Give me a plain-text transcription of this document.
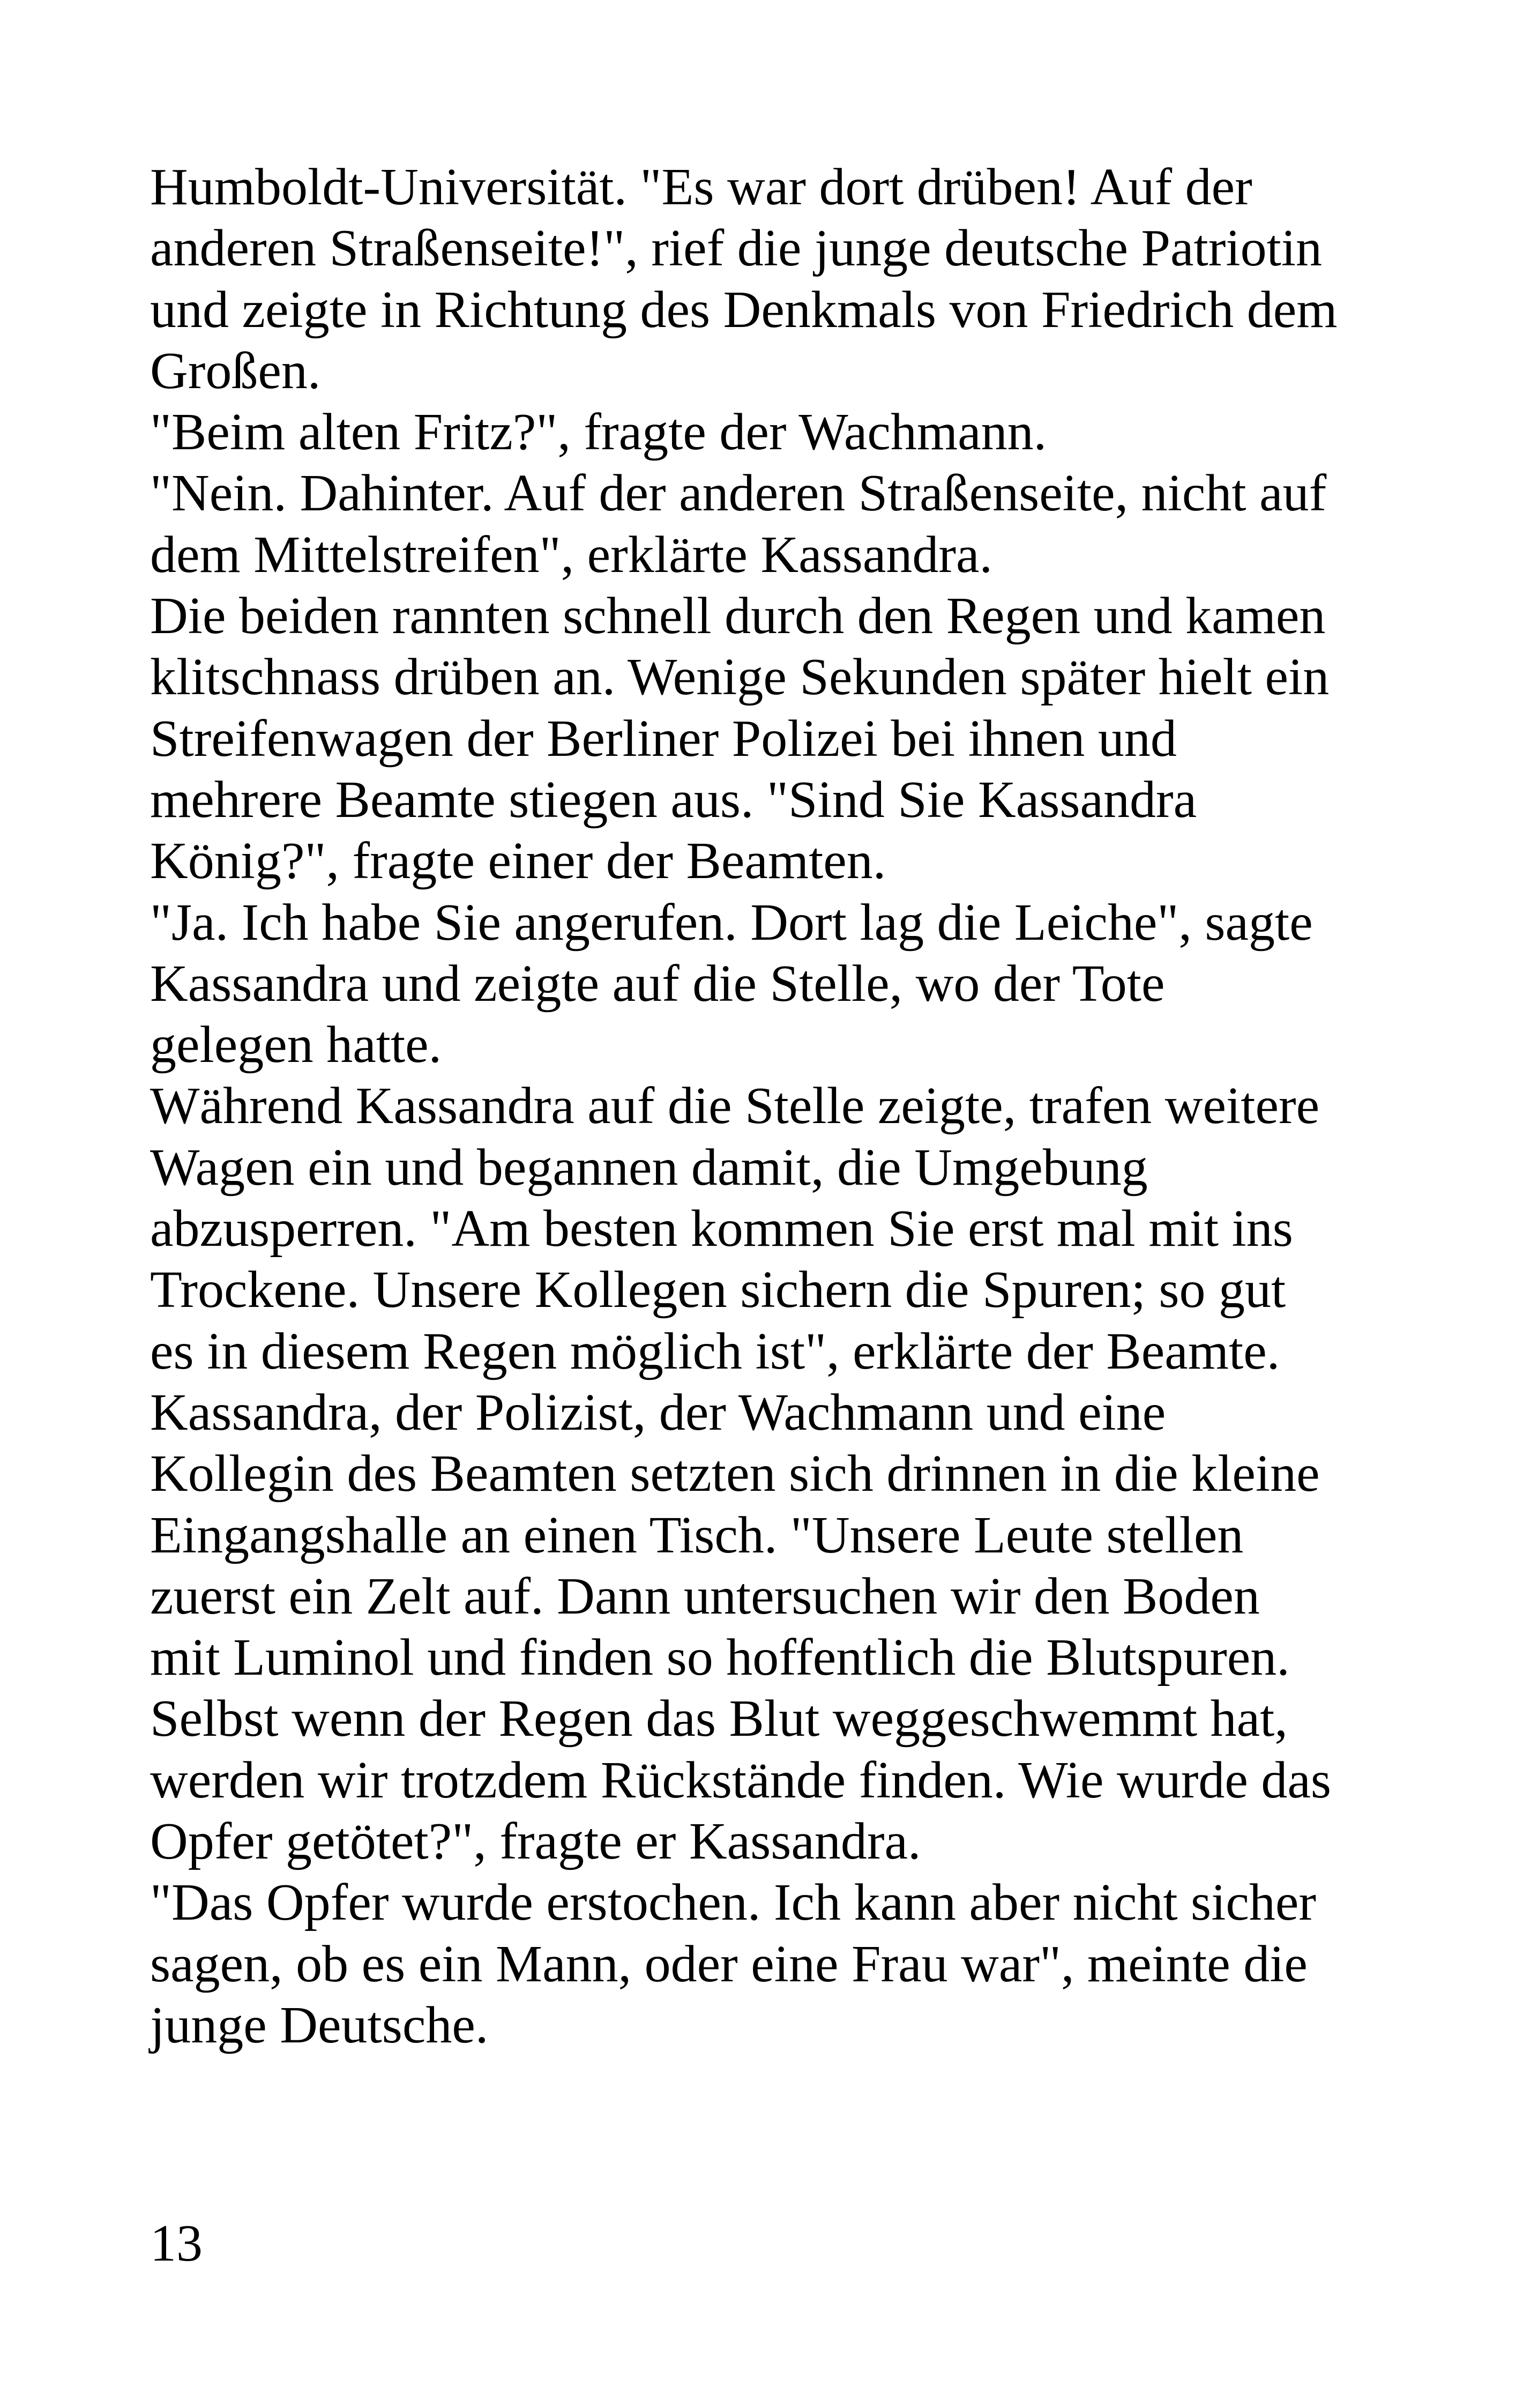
Humboldt-Universität. "Es war dort drüben! Auf der

anderen Straßenseite!", rief die junge deutsche Patriotin

und zeigte in Richtung des Denkmals von Friedrich dem

Großen.

"Beim alten Fritz?", fragte der Wachmann.

"Nein. Dahinter. Auf der anderen Straßenseite, nicht auf

dem Mittelstreifen", erklärte Kassandra.

Die beiden rannten schnell durch den Regen und kamen

klitschnass drüben an. Wenige Sekunden später hielt ein

Streifenwagen der Berliner Polizei bei ihnen und

mehrere Beamte stiegen aus. "Sind Sie Kassandra

König?", fragte einer der Beamten.

"Ja. Ich habe Sie angerufen. Dort lag die Leiche", sagte

Kassandra und zeigte auf die Stelle, wo der Tote

gelegen hatte.

Während Kassandra auf die Stelle zeigte, trafen weitere

Wagen ein und begannen damit, die Umgebung

abzusperren. "Am besten kommen Sie erst mal mit ins

Trockene. Unsere Kollegen sichern die Spuren; so gut

es in diesem Regen möglich ist", erklärte der Beamte.

Kassandra, der Polizist, der Wachmann und eine

Kollegin des Beamten setzten sich drinnen in die kleine

Eingangshalle an einen Tisch. "Unsere Leute stellen

zuerst ein Zelt auf. Dann untersuchen wir den Boden

mit Luminol und finden so hoffentlich die Blutspuren.

Selbst wenn der Regen das Blut weggeschwemmt hat,

werden wir trotzdem Rückstände finden. Wie wurde das

Opfer getötet?", fragte er Kassandra.

"Das Opfer wurde erstochen. Ich kann aber nicht sicher

sagen, ob es ein Mann, oder eine Frau war", meinte die

junge Deutsche.

13
